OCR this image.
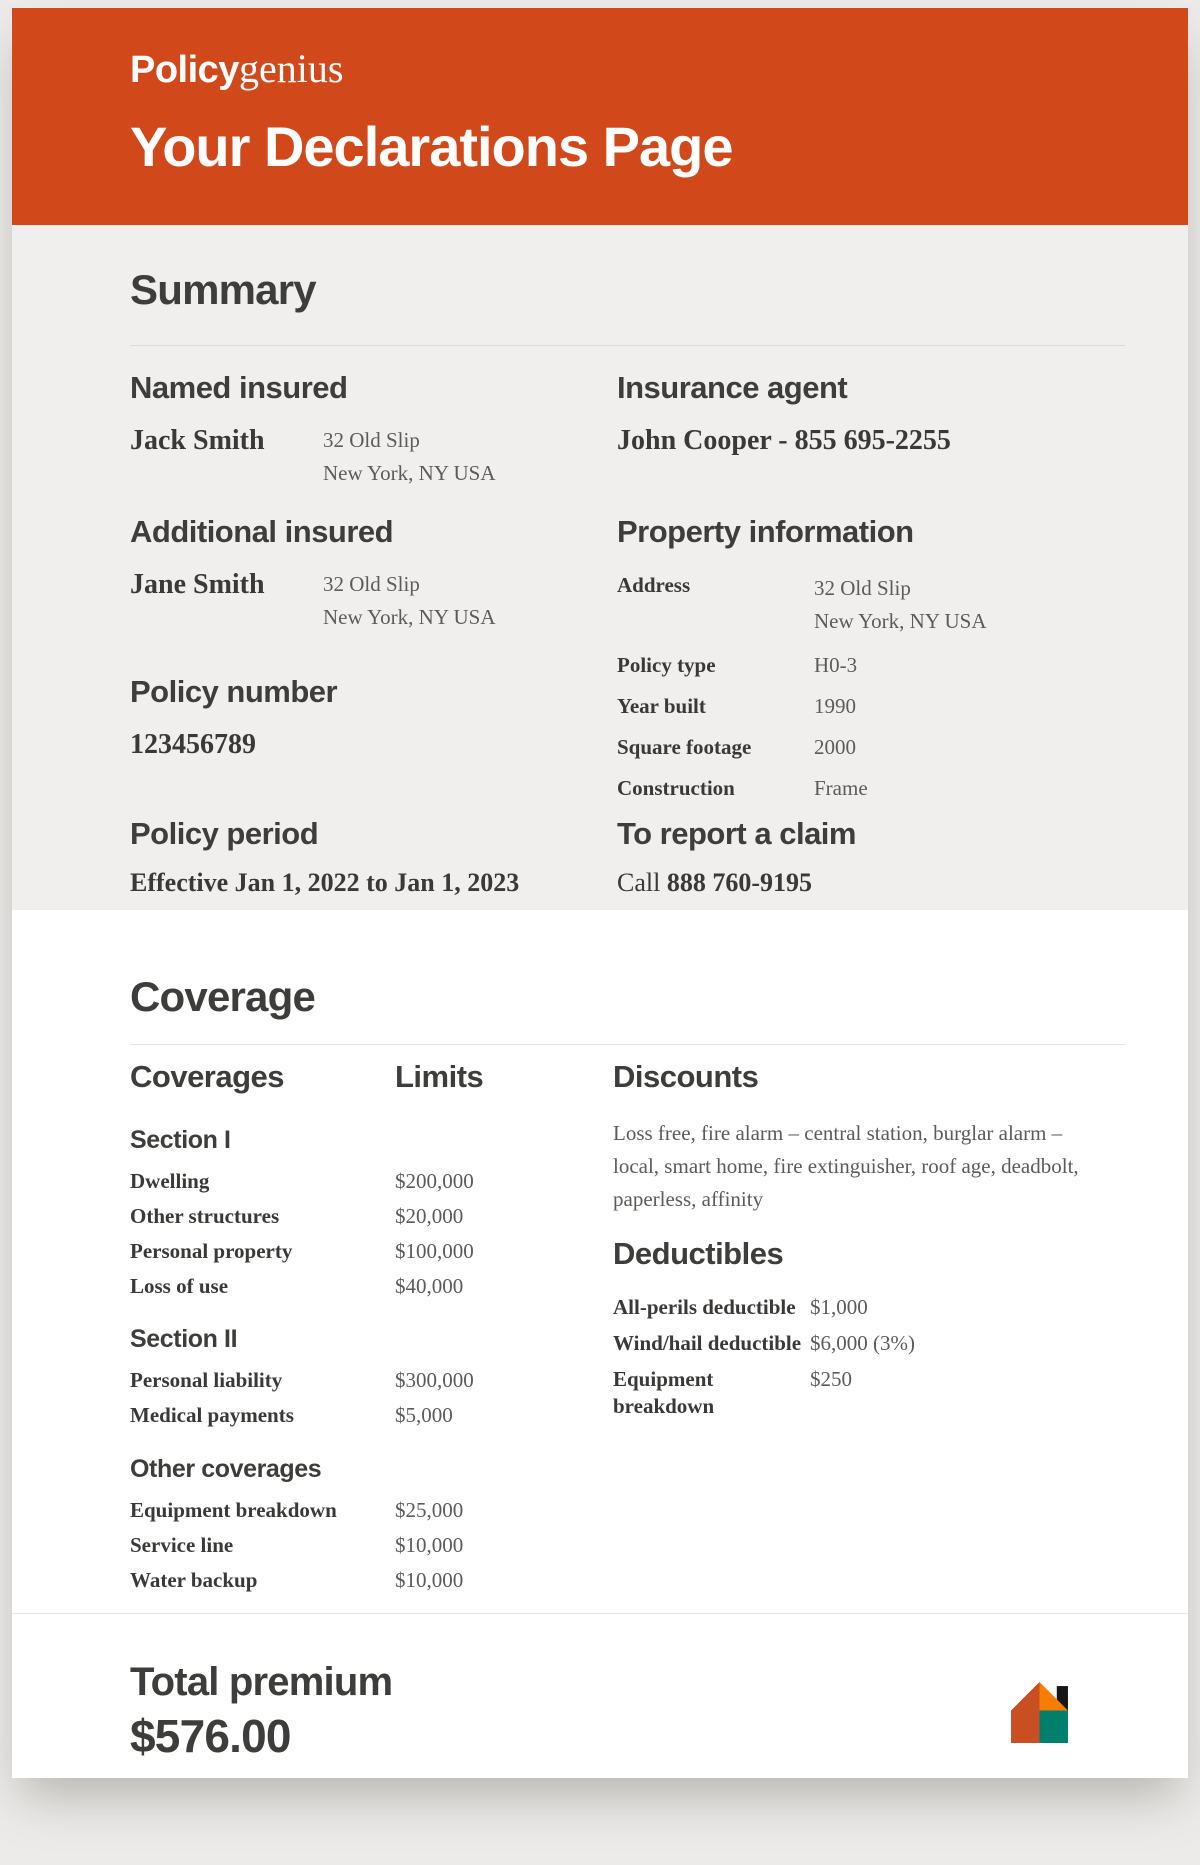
Policygenius
Your Declarations Page
Summary
Named insured
Jack Smith	32 Old Slip
New York, NY USA
Insurance agent
John Cooper - 855 695-2255
Additional insured
Jane Smith	32 Old Slip
New York, NY USA
Property information
Address	32 Old Slip
New York, NY USA
Policy type	H0-3
Year built	1990
Square footage	2000
Construction	Frame
Policy number
123456789
Policy period
Effective Jan 1, 2022 to Jan 1, 2023
To report a claim
Call 888 760-9195
Coverage
Coverages	Limits
Section I
Dwelling	$200,000
Other structures	$20,000
Personal property	$100,000
Loss of use	$40,000
Section II
Personal liability	$300,000
Medical payments	$5,000
Other coverages
Equipment breakdown	$25,000
Service line	$10,000
Water backup	$10,000
Discounts

Loss free, fire alarm – central station, burglar alarm – local, smart home, fire extinguisher, roof age, deadbolt, paperless, affinity

Deductibles
All-perils deductible $1,000
Wind/hail deductible $6,000 (3%)
Equipment breakdown
$250
Total premium
$576.00
